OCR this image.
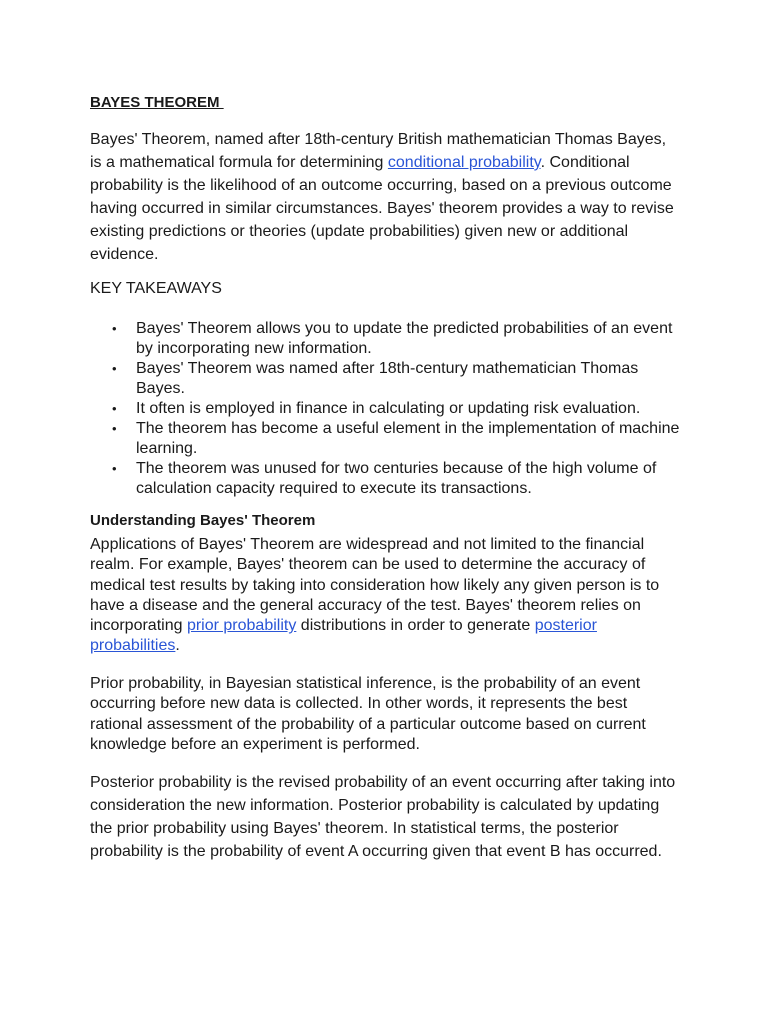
BAYES THEOREM

Bayes' Theorem, named after 18th-century British mathematician Thomas Bayes, is a mathematical formula for determining conditional probability. Conditional probability is the likelihood of an outcome occurring, based on a previous outcome having occurred in similar circumstances. Bayes' theorem provides a way to revise existing predictions or theories (update probabilities) given new or additional evidence.

KEY TAKEAWAYS

• Bayes' Theorem allows you to update the predicted probabilities of an event by incorporating new information.
• Bayes' Theorem was named after 18th-century mathematician Thomas Bayes.
• It often is employed in finance in calculating or updating risk evaluation.
• The theorem has become a useful element in the implementation of machine learning.
• The theorem was unused for two centuries because of the high volume of calculation capacity required to execute its transactions.
Understanding Bayes' Theorem

Applications of Bayes' Theorem are widespread and not limited to the financial realm. For example, Bayes' theorem can be used to determine the accuracy of medical test results by taking into consideration how likely any given person is to have a disease and the general accuracy of the test. Bayes' theorem relies on incorporating prior probability distributions in order to generate posterior probabilities.

Prior probability, in Bayesian statistical inference, is the probability of an event occurring before new data is collected. In other words, it represents the best rational assessment of the probability of a particular outcome based on current knowledge before an experiment is performed.

Posterior probability is the revised probability of an event occurring after taking into consideration the new information. Posterior probability is calculated by updating the prior probability using Bayes' theorem. In statistical terms, the posterior probability is the probability of event A occurring given that event B has occurred.
